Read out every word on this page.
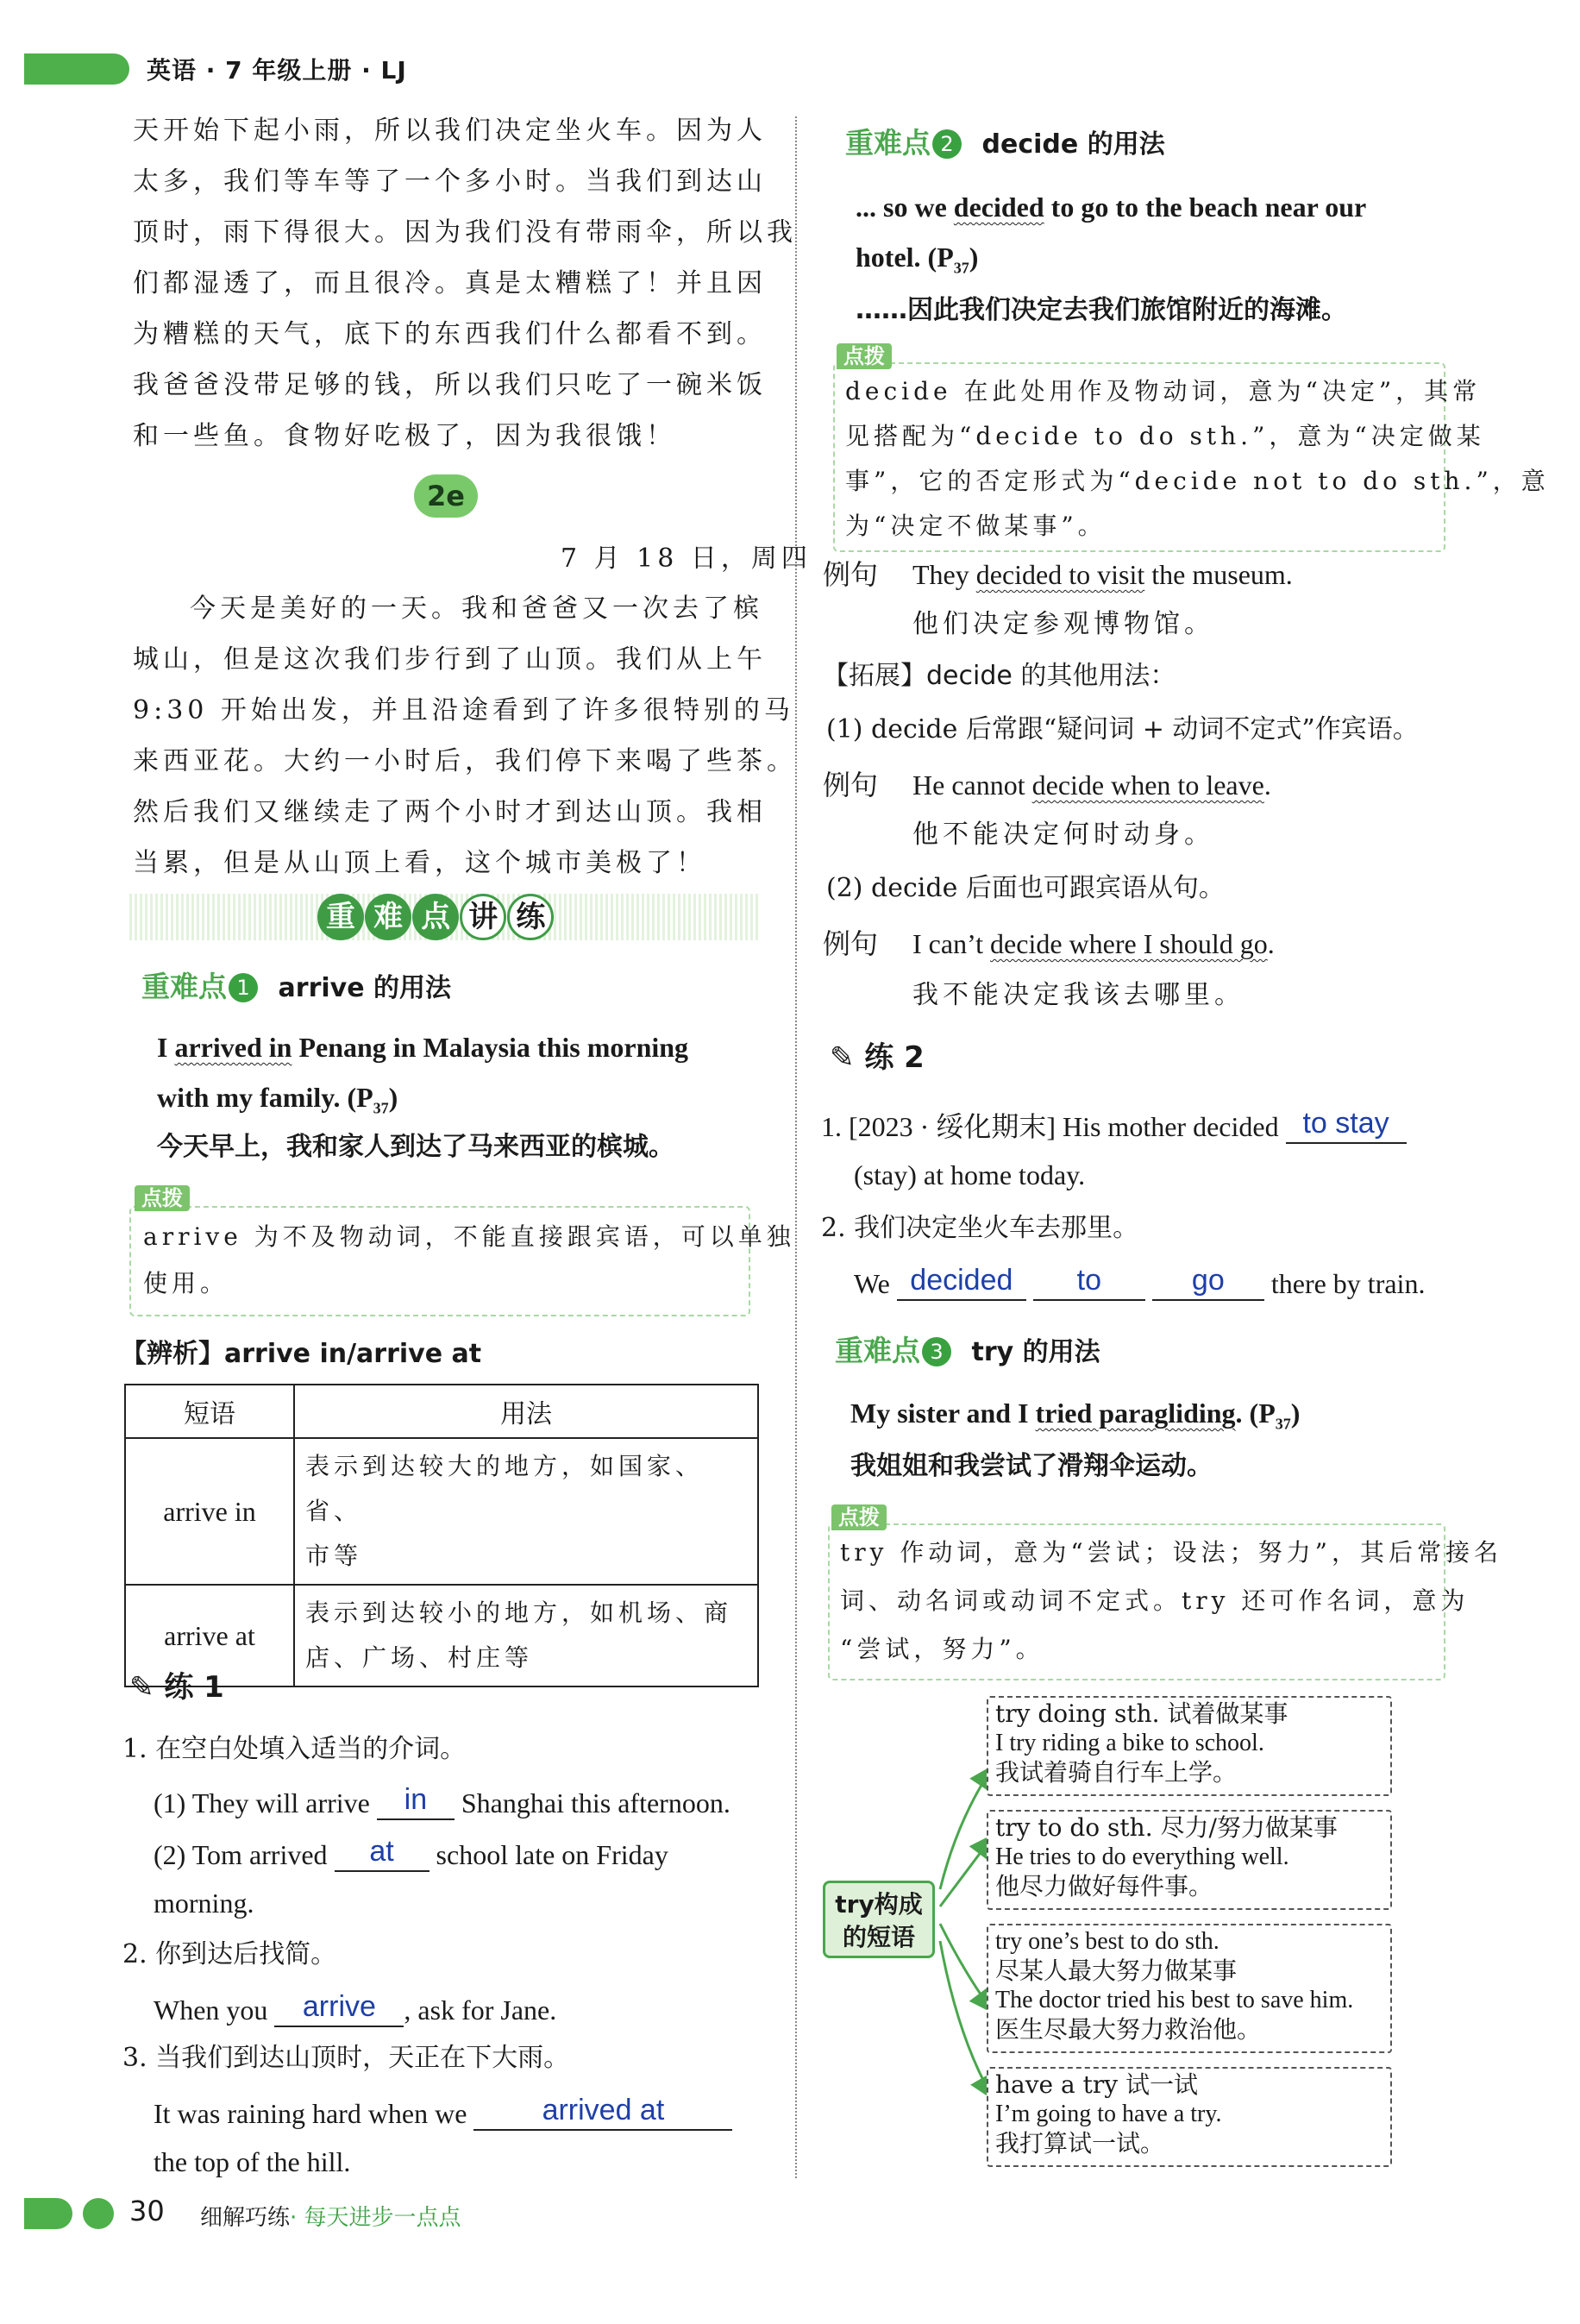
英语 · 7 年级上册 · LJ
天开始下起小雨，所以我们决定坐火车。因为人
太多，我们等车等了一个多小时。当我们到达山
顶时，雨下得很大。因为我们没有带雨伞，所以我
们都湿透了，而且很冷。真是太糟糕了！并且因
为糟糕的天气，底下的东西我们什么都看不到。
我爸爸没带足够的钱，所以我们只吃了一碗米饭
和一些鱼。食物好吃极了，因为我很饿！
2e
7 月 18 日，周四
今天是美好的一天。我和爸爸又一次去了槟
城山，但是这次我们步行到了山顶。我们从上午
9:30 开始出发，并且沿途看到了许多很特别的马
来西亚花。大约一小时后，我们停下来喝了些茶。
然后我们又继续走了两个小时才到达山顶。我相
当累，但是从山顶上看，这个城市美极了！
重 难 点 讲 练
重难点 1 arrive 的用法
I arrived in Penang in Malaysia this morning
with my family. $(P_{37})$
今天早上，我和家人到达了马来西亚的槟城。
arrive 为不及物动词，不能直接跟宾语，可以单独
使用。
点拨
【辨析】arrive in/arrive at
短语	用法
arrive in	表示到达较大的地方，如国家、省、
市等

arrive at	表示到达较小的地方，如机场、商
店、广场、村庄等
✎ 练 1
1. 在空白处填入适当的介词。
(1) They will arrive in Shanghai this afternoon.
(2) Tom arrived at school late on Friday
morning.
2. 你到达后找简。
When you arrive , ask for Jane.
3. 当我们到达山顶时，天正在下大雨。
It was raining hard when we	arrived at
the top of the hill.
重难点 2 decide 的用法
... so we decided to go to the beach near our
hotel. $(P_{37})$
……因此我们决定去我们旅馆附近的海滩。
decide 在此处用作及物动词，意为“决定”，其常
见搭配为“decide to do sth.”，意为“决定做某
事”，它的否定形式为“decide not to do sth.”，意
为“决定不做某事”。
点拨
例句 They decided to visit the museum.
他们决定参观博物馆。
【拓展】decide 的其他用法：
(1) decide 后常跟“疑问词 + 动词不定式”作宾语。
例句 He cannot decide when to leave.
他不能决定何时动身。
(2) decide 后面也可跟宾语从句。
例句 I can’t decide where I should go.
我不能决定我该去哪里。
✎ 练 2
1. [2023 · 绥化期末] His mother decided to stay
(stay) at home today.
2. 我们决定坐火车去那里。
We decided to	go there by train.
重难点 3 try 的用法
My sister and I tried paragliding. $(P_{37})$
我姐姐和我尝试了滑翔伞运动。
try 作动词，意为“尝试；设法；努力”，其后常接名
词、动名词或动词不定式。try 还可作名词，意为
“尝试，努力”。
点拨
try构成
的短语
try doing sth. 试着做某事
I try riding a bike to school.
我试着骑自行车上学。
try to do sth. 尽力/努力做某事
He tries to do everything well.
他尽力做好每件事。
try one’s best to do sth.
尽某人最大努力做某事
The doctor tried his best to save him.
医生尽最大努力救治他。
have a try 试一试
I’m going to have a try.
我打算试一试。
30 细解巧练· 每天进步一点点
